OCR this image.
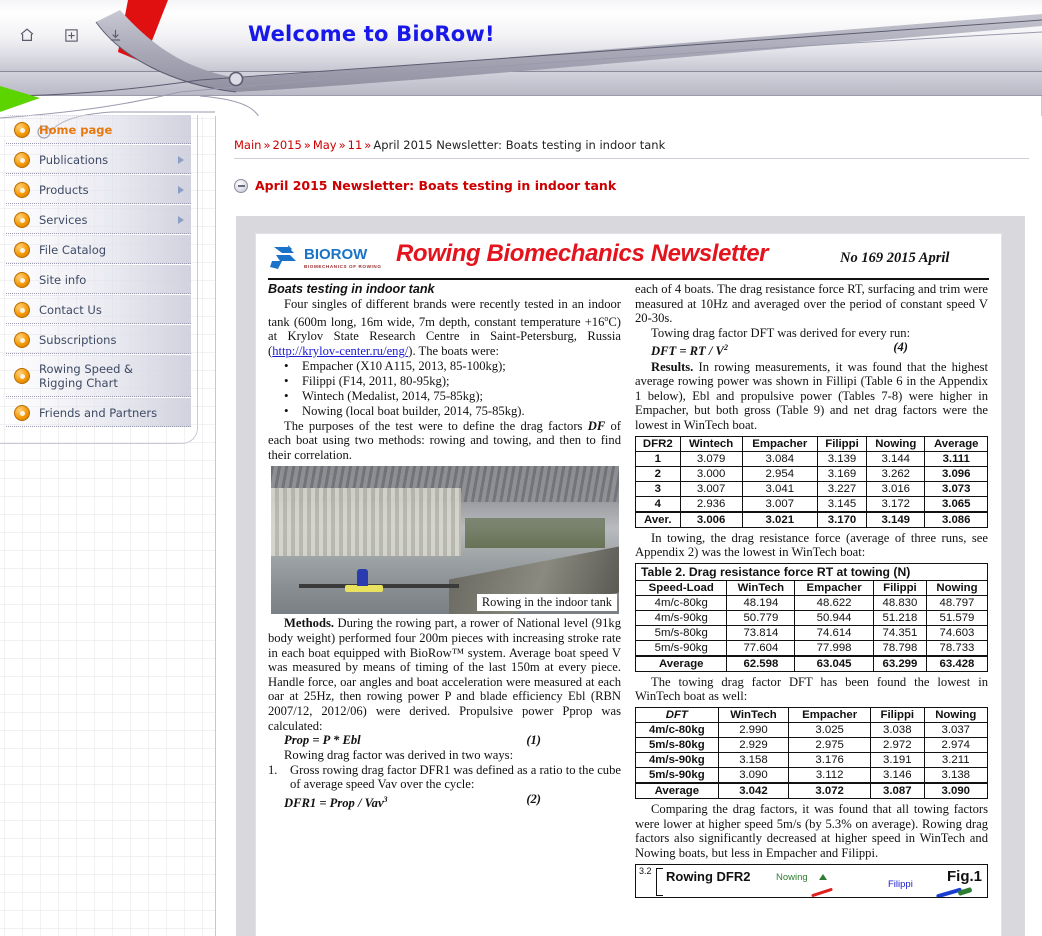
Welcome to BioRow!
Home page
Publications
Products
Services
File Catalog
Site info
Contact Us
Subscriptions
Rowing Speed & Rigging Chart
Friends and Partners
Main » 2015 » May » 11 » April 2015 Newsletter: Boats testing in indoor tank
April 2015 Newsletter: Boats testing in indoor tank
BIOROW
BIOMECHANICS OF ROWING Rowing Biomechanics Newsletter	No 169 2015 April
Boats testing in indoor tank

Four singles of different brands were recently tested in an indoor tank (600m long, 16m wide, 7m depth, constant temperature $+16^oC$) at Krylov State Research Centre in Saint-Petersburg, Russia (http://krylov-center.ru/eng/). The boats were:

• Empacher (X10 A115, 2013, 85-100kg);
• Filippi (F14, 2011, 80-95kg);
• Wintech (Medalist, 2014, 75-85kg);
• Nowing (local boat builder, 2014, 75-85kg).

The purposes of the test were to define the drag factors DF of each boat using two methods: rowing and towing, and then to find their correlation.

Rowing in the indoor tank

Methods. During the rowing part, a rower of National level (91kg body weight) performed four 200m pieces with increasing stroke rate in each boat equipped with BioRow™ system. Average boat speed V was measured by means of timing of the last 150m at every piece. Handle force, oar angles and boat acceleration were measured at each oar at 25Hz, then rowing power P and blade efficiency Ebl (RBN 2007/12, 2012/06) were derived. Propulsive power Pprop was calculated:

Prop = P * Ebl	(1)

Rowing drag factor was derived in two ways:

Gross rowing drag factor DFR1 was defined as a ratio to the cube of average speed Vav over the cycle:
DFR1 = Prop / Vav$^3$	(2)

each of 4 boats. The drag resistance force RT, surfacing and trim were measured at 10Hz and averaged over the period of constant speed V 20-30s.

Towing drag factor DFT was derived for every run:

DFT = RT / $V^2$	(4)

Results. In rowing measurements, it was found that the highest average rowing power was shown in Fillipi (Table 6 in the Appendix 1 below), Ebl and propulsive power (Tables 7-8) were higher in Empacher, but both gross (Table 9) and net drag factors were the lowest in WinTech boat.

DFR2	Wintech	Empacher	Filippi	Nowing	Average
1	3.079	3.084	3.139	3.144	3.111
2	3.000	2.954	3.169	3.262	3.096
3	3.007	3.041	3.227	3.016	3.073
4	2.936	3.007	3.145	3.172	3.065
Aver.	3.006	3.021	3.170	3.149	3.086

In towing, the drag resistance force (average of three runs, see Appendix 2) was the lowest in WinTech boat:

Table 2. Drag resistance force RT at towing (N)				
Speed-Load	WinTech	Empacher	Filippi	Nowing
4m/c-80kg	48.194	48.622	48.830	48.797
4m/s-90kg	50.779	50.944	51.218	51.579
5m/s-80kg	73.814	74.614	74.351	74.603
5m/s-90kg	77.604	77.998	78.798	78.733
Average	62.598	63.045	63.299	63.428

The towing drag factor DFT has been found the lowest in WinTech boat as well:

DFT	WinTech	Empacher	Filippi	Nowing
4m/c-80kg	2.990	3.025	3.038	3.037
5m/s-80kg	2.929	2.975	2.972	2.974
4m/s-90kg	3.158	3.176	3.191	3.211
5m/s-90kg	3.090	3.112	3.146	3.138
Average	3.042	3.072	3.087	3.090

Comparing the drag factors, it was found that all towing factors were lower at higher speed 5m/s (by 5.3% on average). Rowing drag factors also significantly decreased at higher speed in WinTech and Nowing boats, but less in Empacher and Filippi.

3.2 Rowing DFR2	Nowing
Filippi Fig.1
